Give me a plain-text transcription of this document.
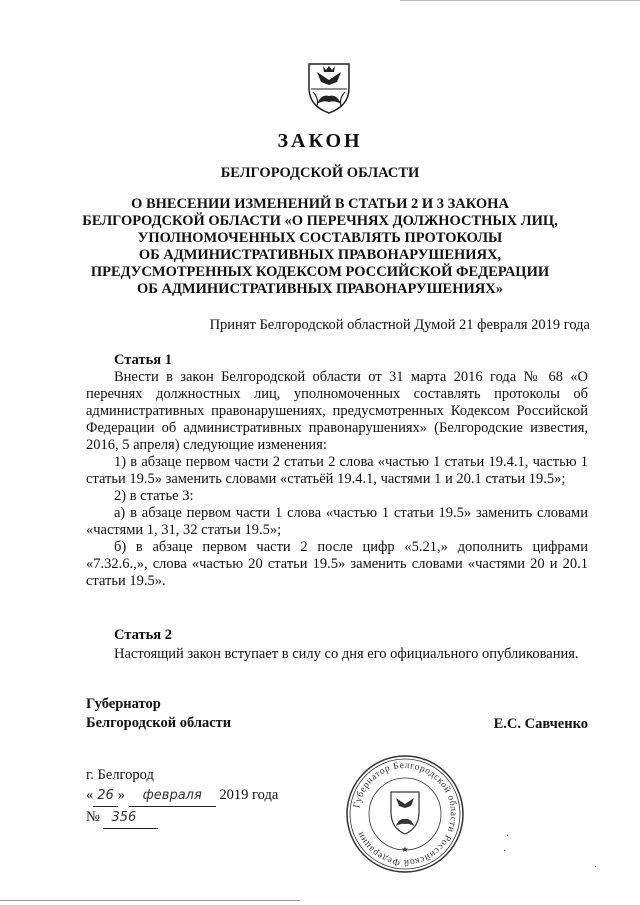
ЗАКОН
БЕЛГОРОДСКОЙ ОБЛАСТИ
О ВНЕСЕНИИ ИЗМЕНЕНИЙ В СТАТЬИ 2 И 3 ЗАКОНА
БЕЛГОРОДСКОЙ ОБЛАСТИ «О ПЕРЕЧНЯХ ДОЛЖНОСТНЫХ ЛИЦ,
УПОЛНОМОЧЕННЫХ СОСТАВЛЯТЬ ПРОТОКОЛЫ
ОБ АДМИНИСТРАТИВНЫХ ПРАВОНАРУШЕНИЯХ,
ПРЕДУСМОТРЕННЫХ КОДЕКСОМ РОССИЙСКОЙ ФЕДЕРАЦИИ
ОБ АДМИНИСТРАТИВНЫХ ПРАВОНАРУШЕНИЯХ»
Принят Белгородской областной Думой 21 февраля 2019 года
Статья 1

Внести в закон Белгородской области от 31 марта 2016 года № 68 «О перечнях должностных лиц, уполномоченных составлять протоколы об административных правонарушениях, предусмотренных Кодексом Российской Федерации об административных правонарушениях» (Белгородские известия, 2016, 5 апреля) следующие изменения:

1) в абзаце первом части 2 статьи 2 слова «частью 1 статьи 19.4.1, частью 1 статьи 19.5» заменить словами «статьёй 19.4.1, частями 1 и 20.1 статьи 19.5»;

2) в статье 3:

а) в абзаце первом части 1 слова «частью 1 статьи 19.5» заменить словами «частями 1, 31, 32 статьи 19.5»;

б) в абзаце первом части 2 после цифр «5.21,» дополнить цифрами «7.32.6.,», слова «частью 20 статьи 19.5» заменить словами «частями 20 и 20.1 статьи 19.5».

Статья 2

Настоящий закон вступает в силу со дня его официального опубликования.

Губернатор
Белгородской области	Е.С. Савченко
г. Белгород
« 26 » февраля 2019 года
№ 356
Губернатор Белгородской области Российской Федерации
★
·
·
·
